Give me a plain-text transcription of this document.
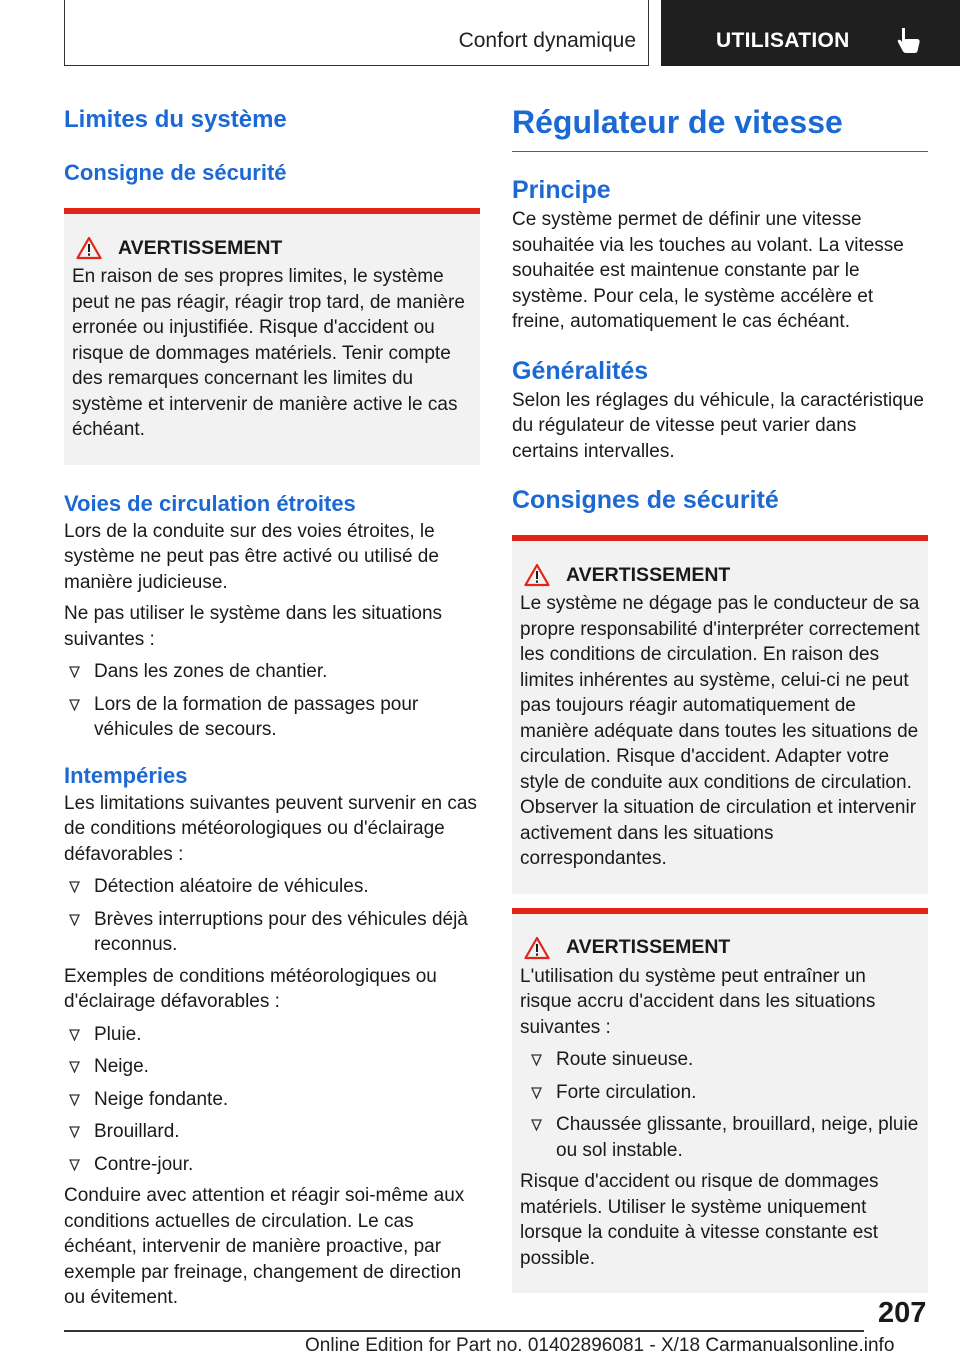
Confort dynamique	UTILISATION
Limites du système
Consigne de sécurité
AVERTISSEMENT
En raison de ses propres limites, le système peut ne pas réagir, réagir trop tard, de manière erronée ou injustifiée. Risque d'accident ou risque de dommages matériels. Tenir compte des remarques concernant les limites du système et intervenir de manière active le cas échéant.
Voies de circulation étroites
Lors de la conduite sur des voies étroites, le système ne peut pas être activé ou utilisé de manière judicieuse.
Ne pas utiliser le système dans les situations suivantes :
Dans les zones de chantier.
Lors de la formation de passages pour véhicules de secours.
Intempéries
Les limitations suivantes peuvent survenir en cas de conditions météorologiques ou d'éclairage défavorables :
Détection aléatoire de véhicules.
Brèves interruptions pour des véhicules déjà reconnus.
Exemples de conditions météorologiques ou d'éclairage défavorables :
Pluie.
Neige.
Neige fondante.
Brouillard.
Contre-jour.
Conduire avec attention et réagir soi-même aux conditions actuelles de circulation. Le cas échéant, intervenir de manière proactive, par exemple par freinage, changement de direction ou évitement.
Régulateur de vitesse
Principe
Ce système permet de définir une vitesse souhaitée via les touches au volant. La vitesse souhaitée est maintenue constante par le système. Pour cela, le système accélère et freine, automatiquement le cas échéant.
Généralités
Selon les réglages du véhicule, la caractéristique du régulateur de vitesse peut varier dans certains intervalles.
Consignes de sécurité
AVERTISSEMENT
Le système ne dégage pas le conducteur de sa propre responsabilité d'interpréter correctement les conditions de circulation. En raison des limites inhérentes au système, celui-ci ne peut pas toujours réagir automatiquement de manière adéquate dans toutes les situations de circulation. Risque d'accident. Adapter votre style de conduite aux conditions de circulation. Observer la situation de circulation et intervenir activement dans les situations correspondantes.
AVERTISSEMENT
L'utilisation du système peut entraîner un risque accru d'accident dans les situations suivantes :
Route sinueuse.
Forte circulation.
Chaussée glissante, brouillard, neige, pluie ou sol instable.
Risque d'accident ou risque de dommages matériels. Utiliser le système uniquement lorsque la conduite à vitesse constante est possible.
207
Online Edition for Part no. 01402896081 - X/18 Carmanualsonline.info
